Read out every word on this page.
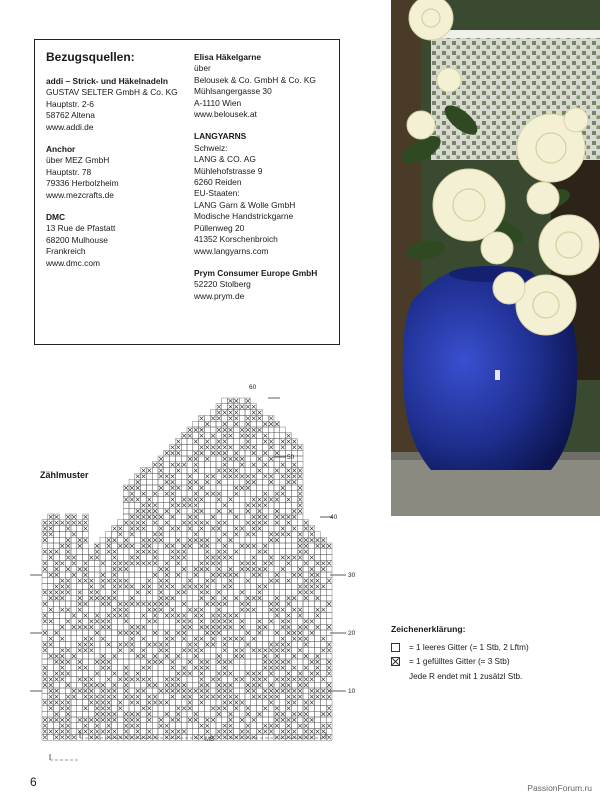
Bezugsquellen:
addi – Strick- und Häkelnadeln
GUSTAV SELTER GmbH & Co. KG
Hauptstr. 2-6
58762 Altena
www.addi.de
Anchor
über MEZ GmbH
Hauptstr. 78
79336 Herbolzheim
www.mezcrafts.de
DMC
13 Rue de Pfastatt
68200 Mulhouse
Frankreich
www.dmc.com
Elisa Häkelgarne
über
Belousek & Co. GmbH & Co. KG
Mühlsangergasse 30
A-1110 Wien
www.belousek.at
LANGYARNS
Schweiz:
LANG & CO. AG
Mühlehofstrasse 9
6260 Reiden
EU-Staaten:
LANG Garn & Wolle GmbH
Modische Handstrickgarne
Püllenweg 20
41352 Korschenbroich
www.langyarns.com
Prym Consumer Europe GmbH
52220 Stolberg
www.prym.de
Zählmuster
60
50
40
30
20
10
MS
Zeichenerklärung:
= 1 leeres Gitter (= 1 Stb, 2 Lftm)
= 1 gefülltes Gitter (= 3 Stb)
Jede R endet mit 1 zusätzl Stb.
6	PassionForum.ru
